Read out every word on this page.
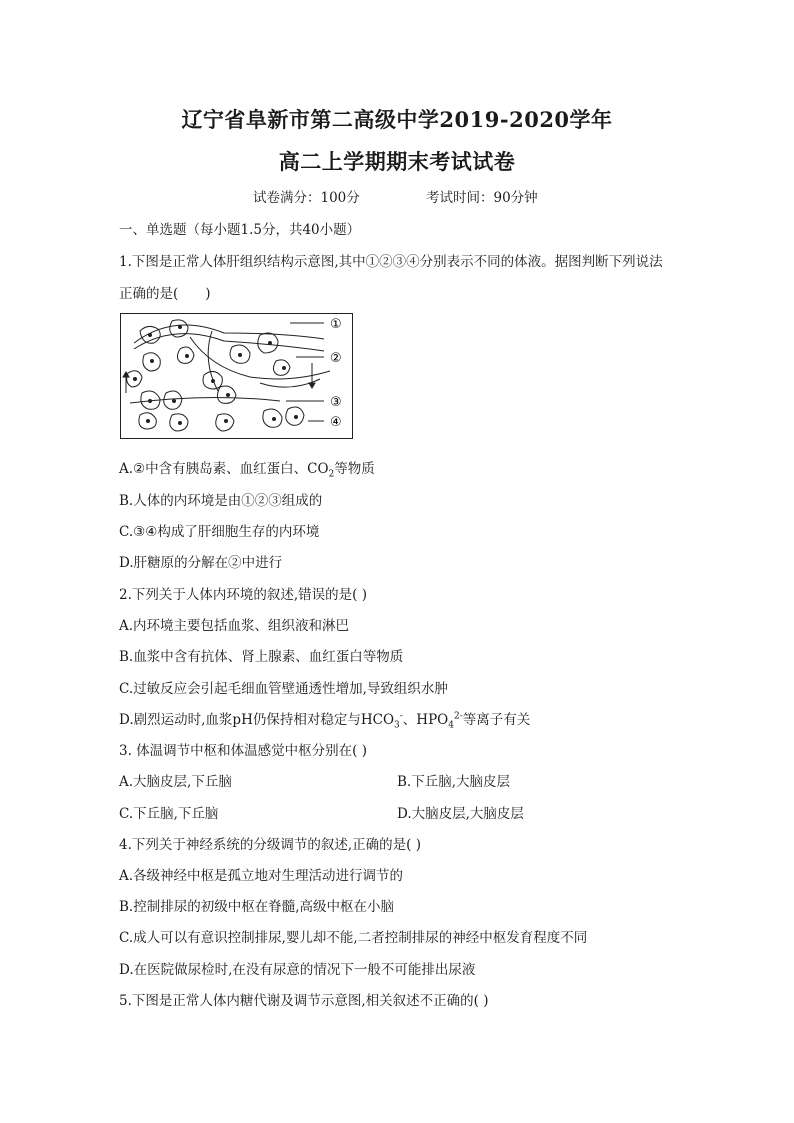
辽宁省阜新市第二高级中学2019-2020学年
高二上学期期末考试试卷
试卷满分：100分	考试时间：90分钟
一、单选题（每小题1.5分，共40小题）
1.下图是正常人体肝组织结构示意图,其中①②③④分别表示不同的体液。据图判断下列说法
正确的是(　　)
①
②
③
④
A.②中含有胰岛素、血红蛋白、$CO_2$等物质
B.人体的内环境是由①②③组成的
C.③④构成了肝细胞生存的内环境
D.肝糖原的分解在②中进行
2.下列关于人体内环境的叙述,错误的是( )
A.内环境主要包括血浆、组织液和淋巴
B.血浆中含有抗体、肾上腺素、血红蛋白等物质
C.过敏反应会引起毛细血管壁通透性增加,导致组织水肿
D.剧烈运动时,血浆pH仍保持相对稳定与$HCO_3^-$、$HPO_4^{2-}$等离子有关
3. 体温调节中枢和体温感觉中枢分别在( )
A.大脑皮层,下丘脑	B.下丘脑,大脑皮层
C.下丘脑,下丘脑	D.大脑皮层,大脑皮层
4.下列关于神经系统的分级调节的叙述,正确的是( )
A.各级神经中枢是孤立地对生理活动进行调节的
B.控制排尿的初级中枢在脊髓,高级中枢在小脑
C.成人可以有意识控制排尿,婴儿却不能,二者控制排尿的神经中枢发育程度不同
D.在医院做尿检时,在没有尿意的情况下一般不可能排出尿液
5.下图是正常人体内糖代谢及调节示意图,相关叙述不正确的( )
